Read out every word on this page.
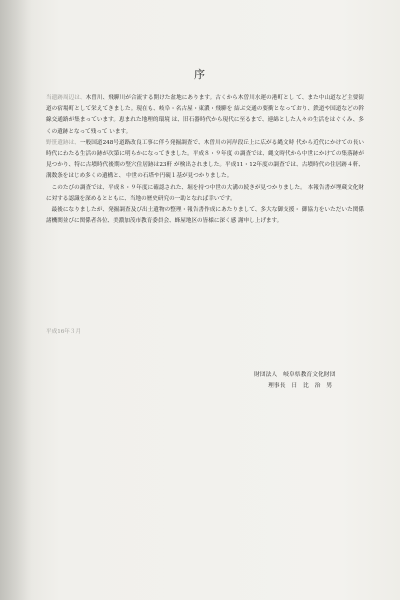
序

当遺跡周辺は、木曽川、飛騨川が合流する開けた盆地にあります。古くから木曽川水運の港町とし て、また中山道など主要街道の宿場町として栄えてきました。現在も、岐阜・名古屋・東濃・飛騨を 結ぶ交通の要衝となっており、鉄道や国道などの幹線交通路が集まっています。恵まれた地理的環境 は、旧石器時代から現代に至るまで、連綿とした人々の生活をはぐくみ、多くの遺跡となって残って います。

野笹遺跡は、一般国道248号道路改良工事に伴う発掘調査で、木曽川の河岸段丘上に広がる縄文時 代から近代にかけての長い時代にわたる生活の跡が次第に明らかになってきました。平成８・９年度 の調査では、縄文時代から中世にかけての集落跡が見つかり、特に古墳時代後期の竪穴住居跡は23軒 が検出されました。平成11・12年度の調査では、古墳時代の住居跡４軒、溝数条をはじめ多くの遺構と、 中世の石塔や円硯１基が見つかりました。

このたびの調査では、平成８・９年度に確認された、堀を持つ中世の大溝の続きが見つかりました。 本報告書が埋蔵文化財に対する認識を深めるとともに、当地の歴史研究の一助となれば幸いです。

最後になりましたが、発掘調査及び出土遺物の整理・報告書作成にあたりまして、多大な御支援・ 御協力をいただいた関係諸機関並びに関係者各位、美濃加茂市教育委員会、蜂屋地区の皆様に深く感 謝申し上げます。

平成16年３月
財団法人 岐阜県教育文化財団
理事長 日　比　治　男
